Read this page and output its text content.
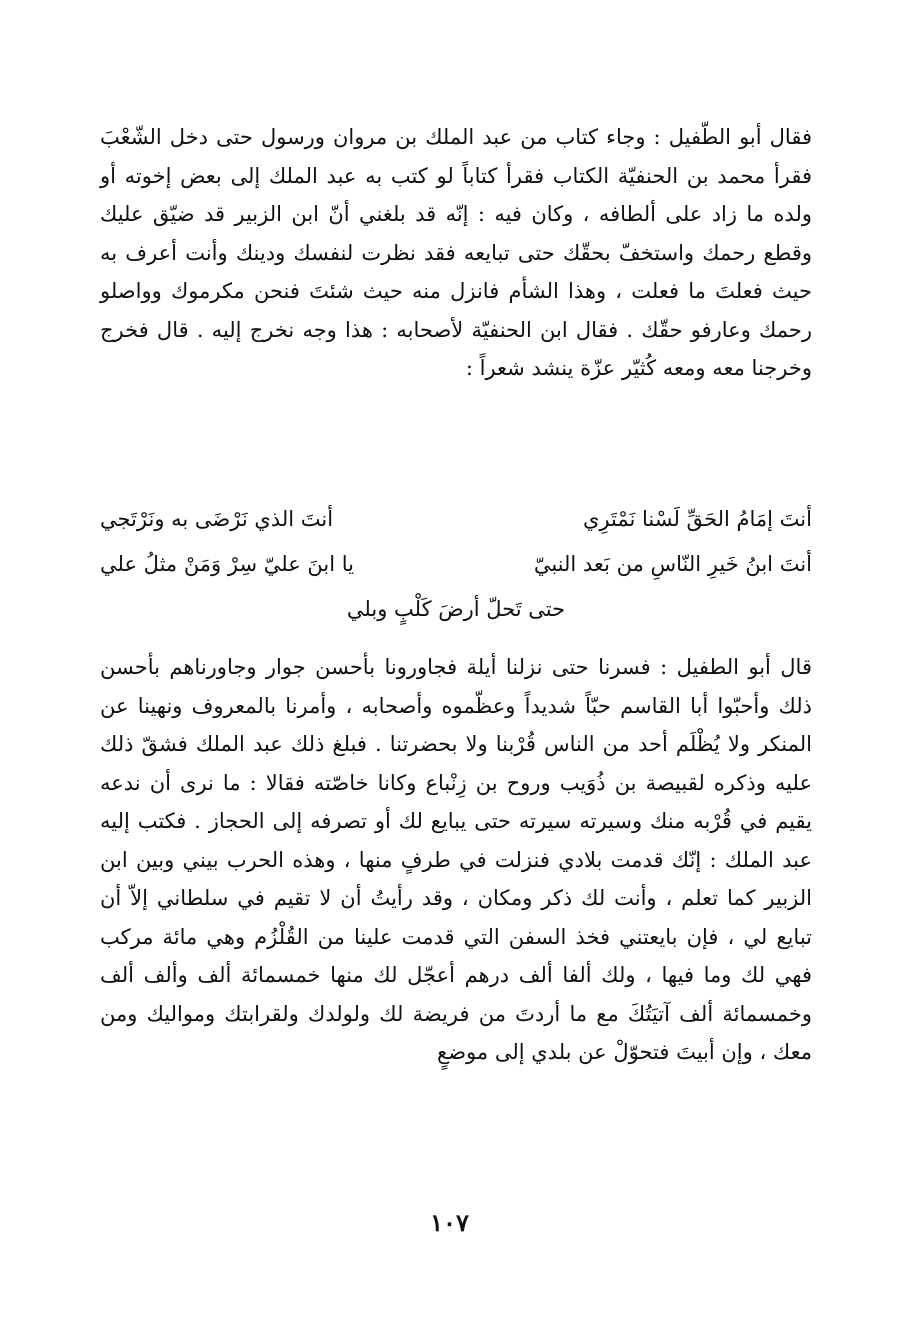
فقال أبو الطّفيل : وجاء كتاب من عبد الملك بن مروان ورسول حتى دخل الشّعْبَ فقرأ محمد بن الحنفيّة الكتاب فقرأ كتاباً لو كتب به عبد الملك إلى بعض إخوته أو ولده ما زاد على ألطافه ، وكان فيه : إنّه قد بلغني أنّ ابن الزبير قد ضيّق عليك وقطع رحمك واستخفّ بحقّك حتى تبايعه فقد نظرت لنفسك ودينك وأنت أعرف به حيث فعلتَ ما فعلت ، وهذا الشأم فانزل منه حيث شئتَ فنحن مكرموك وواصلو رحمك وعارفو حقّك . فقال ابن الحنفيّة لأصحابه : هذا وجه نخرج إليه . قال فخرج وخرجنا معه ومعه كُثيّر عزّة ينشد شعراً :

أنتَ إمَامُ الحَقِّ لَسْنا نَمْتَرِي
أنتَ الذي نَرْضَى به ونَرْتَجي
أنتَ ابنُ خَيرِ النّاسِ من بَعد النبيّ
يا ابنَ عليّ سِرْ وَمَنْ مثلُ علي
حتى تَحلّ أرضَ كَلْبٍ وبلي

قال أبو الطفيل : فسرنا حتى نزلنا أيلة فجاورونا بأحسن جوار وجاورناهم بأحسن ذلك وأحبّوا أبا القاسم حبّاً شديداً وعظّموه وأصحابه ، وأمرنا بالمعروف ونهينا عن المنكر ولا يُظْلَم أحد من الناس قُرْبنا ولا بحضرتنا . فبلغ ذلك عبد الملك فشقّ ذلك عليه وذكره لقبيصة بن ذُوَيب وروح بن زِنْباع وكانا خاصّته فقالا : ما نرى أن ندعه يقيم في قُرْبه منك وسيرته سيرته حتى يبايع لك أو تصرفه إلى الحجاز . فكتب إليه عبد الملك : إنّك قدمت بلادي فنزلت في طرفٍ منها ، وهذه الحرب بيني وبين ابن الزبير كما تعلم ، وأنت لك ذكر ومكان ، وقد رأيتُ أن لا تقيم في سلطاني إلاّ أن تبايع لي ، فإن بايعتني فخذ السفن التي قدمت علينا من القُلْزُم وهي مائة مركب فهي لك وما فيها ، ولك ألفا ألف درهم أعجّل لك منها خمسمائة ألف وألف ألف وخمسمائة ألف آتيَتُكَ مع ما أردتَ من فريضة لك ولولدك ولقرابتك ومواليك ومن معك ، وإن أبيتَ فتحوّلْ عن بلدي إلى موضعٍ

١٠٧
